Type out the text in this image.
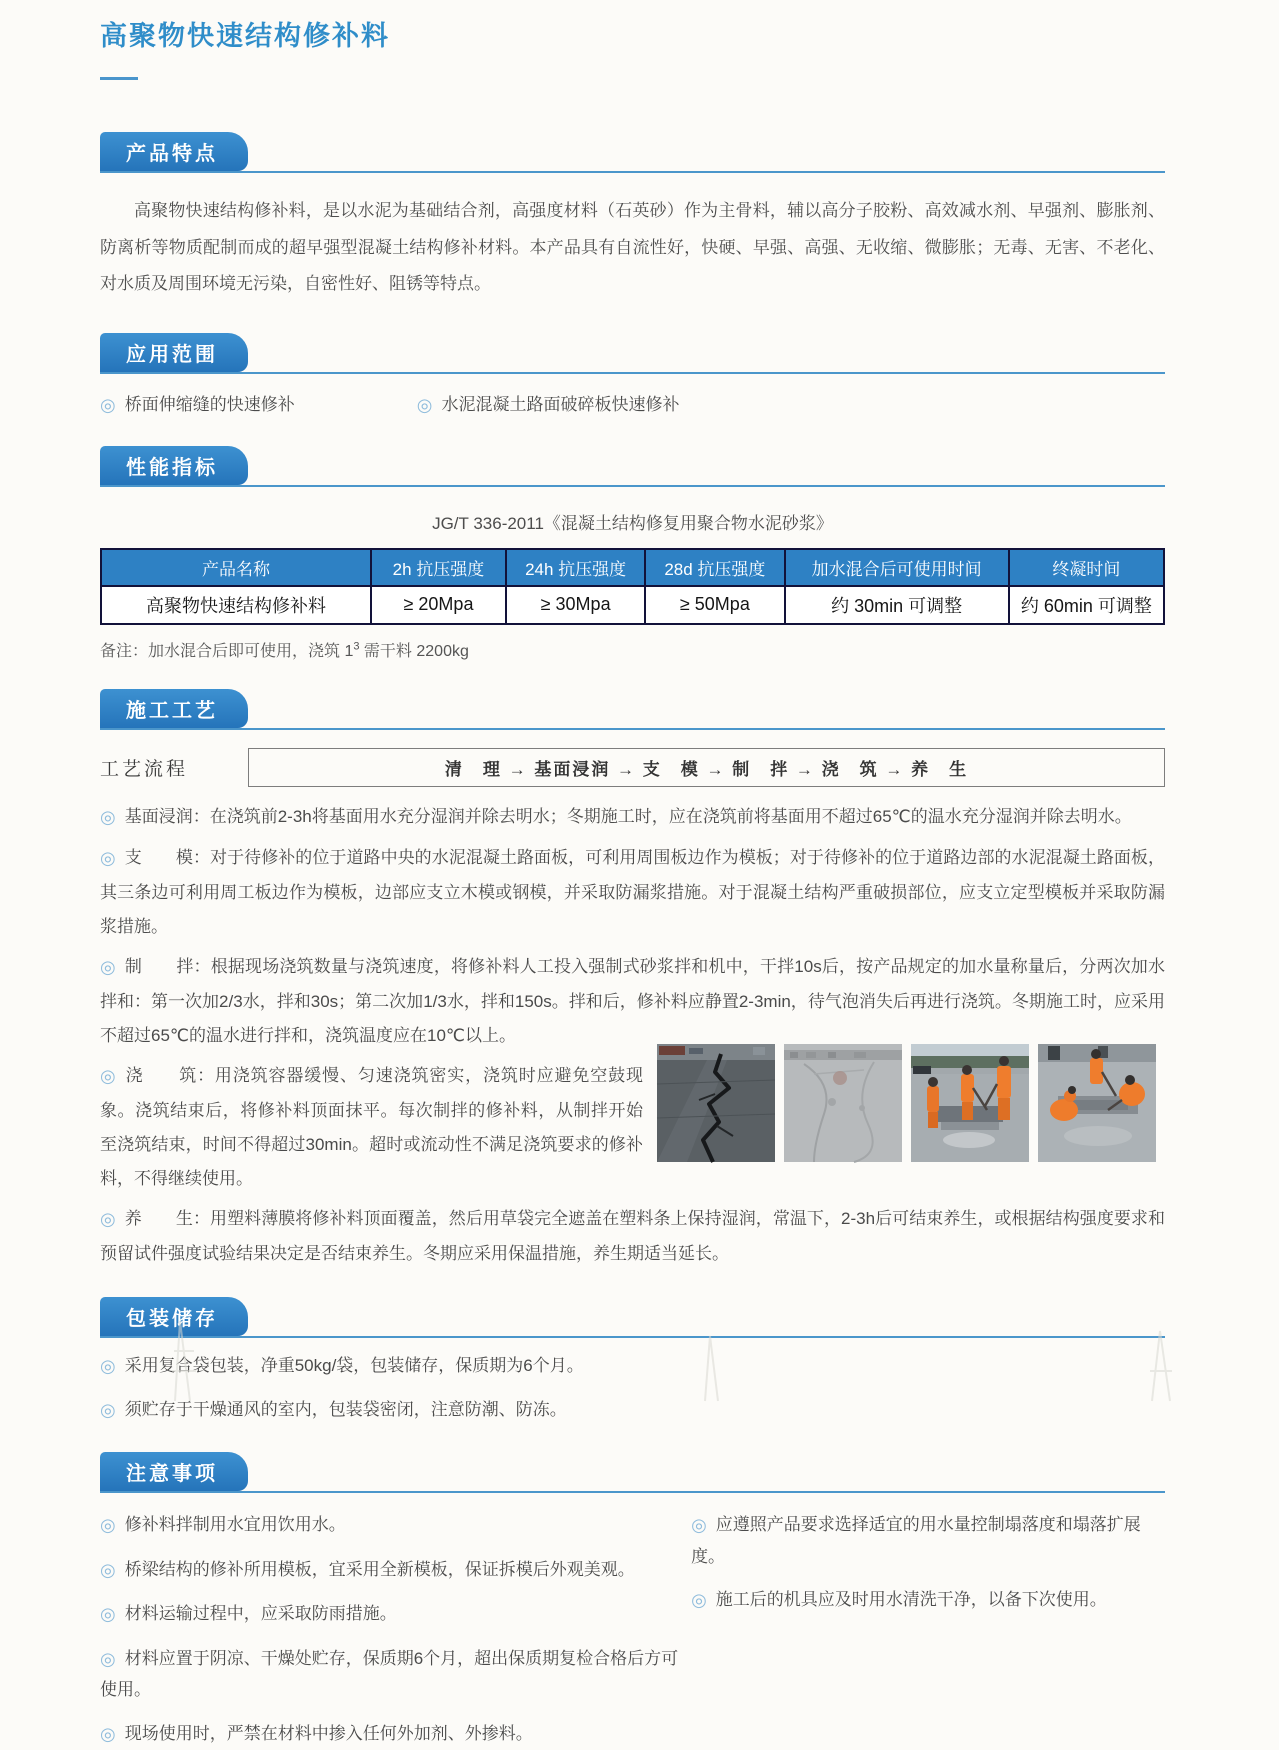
高聚物快速结构修补料
产品特点

高聚物快速结构修补料，是以水泥为基础结合剂，高强度材料（石英砂）作为主骨料，辅以高分子胶粉、高效减水剂、早强剂、膨胀剂、防离析等物质配制而成的超早强型混凝土结构修补材料。本产品具有自流性好，快硬、早强、高强、无收缩、微膨胀；无毒、无害、不老化、对水质及周围环境无污染，自密性好、阻锈等特点。

应用范围
◎ 桥面伸缩缝的快速修补	◎ 水泥混凝土路面破碎板快速修补
性能指标
JG/T 336-2011《混凝土结构修复用聚合物水泥砂浆》
产品名称	2h 抗压强度	24h 抗压强度	28d 抗压强度	加水混合后可使用时间	终凝时间
高聚物快速结构修补料	≥ 20Mpa	≥ 30Mpa	≥ 50Mpa	约 30min 可调整	约 60min 可调整

备注：加水混合后即可使用，浇筑 $1^3$ 需干料 2200kg

施工工艺
工艺流程	清　理 → 基面浸润 → 支　模 → 制　拌 → 浇　筑 → 养　生

◎ 基面浸润：在浇筑前2-3h将基面用水充分湿润并除去明水；冬期施工时，应在浇筑前将基面用不超过65℃的温水充分湿润并除去明水。

◎ 支　　模：对于待修补的位于道路中央的水泥混凝土路面板，可利用周围板边作为模板；对于待修补的位于道路边部的水泥混凝土路面板，其三条边可利用周工板边作为模板，边部应支立木模或钢模，并采取防漏浆措施。对于混凝土结构严重破损部位，应支立定型模板并采取防漏浆措施。

◎ 制　　拌：根据现场浇筑数量与浇筑速度，将修补料人工投入强制式砂浆拌和机中，干拌10s后，按产品规定的加水量称量后，分两次加水拌和：第一次加2/3水，拌和30s；第二次加1/3水，拌和150s。拌和后，修补料应静置2-3min，待气泡消失后再进行浇筑。冬期施工时，应采用不超过65℃的温水进行拌和，浇筑温度应在10℃以上。

◎ 浇　　筑：用浇筑容器缓慢、匀速浇筑密实，浇筑时应避免空鼓现象。浇筑结束后，将修补料顶面抹平。每次制拌的修补料，从制拌开始至浇筑结束，时间不得超过30min。超时或流动性不满足浇筑要求的修补料，不得继续使用。

◎ 养　　生：用塑料薄膜将修补料顶面覆盖，然后用草袋完全遮盖在塑料条上保持湿润，常温下，2-3h后可结束养生，或根据结构强度要求和预留试件强度试验结果决定是否结束养生。冬期应采用保温措施，养生期适当延长。

包装储存

◎ 采用复合袋包装，净重50kg/袋，包装储存，保质期为6个月。

◎ 须贮存于干燥通风的室内，包装袋密闭，注意防潮、防冻。

注意事项

◎ 修补料拌制用水宜用饮用水。

◎ 桥梁结构的修补所用模板，宜采用全新模板，保证拆模后外观美观。

◎ 材料运输过程中，应采取防雨措施。

◎ 材料应置于阴凉、干燥处贮存，保质期6个月，超出保质期复检合格后方可使用。

◎ 现场使用时，严禁在材料中掺入任何外加剂、外掺料。

◎ 应遵照产品要求选择适宜的用水量控制塌落度和塌落扩展度。

◎ 施工后的机具应及时用水清洗干净，以备下次使用。
